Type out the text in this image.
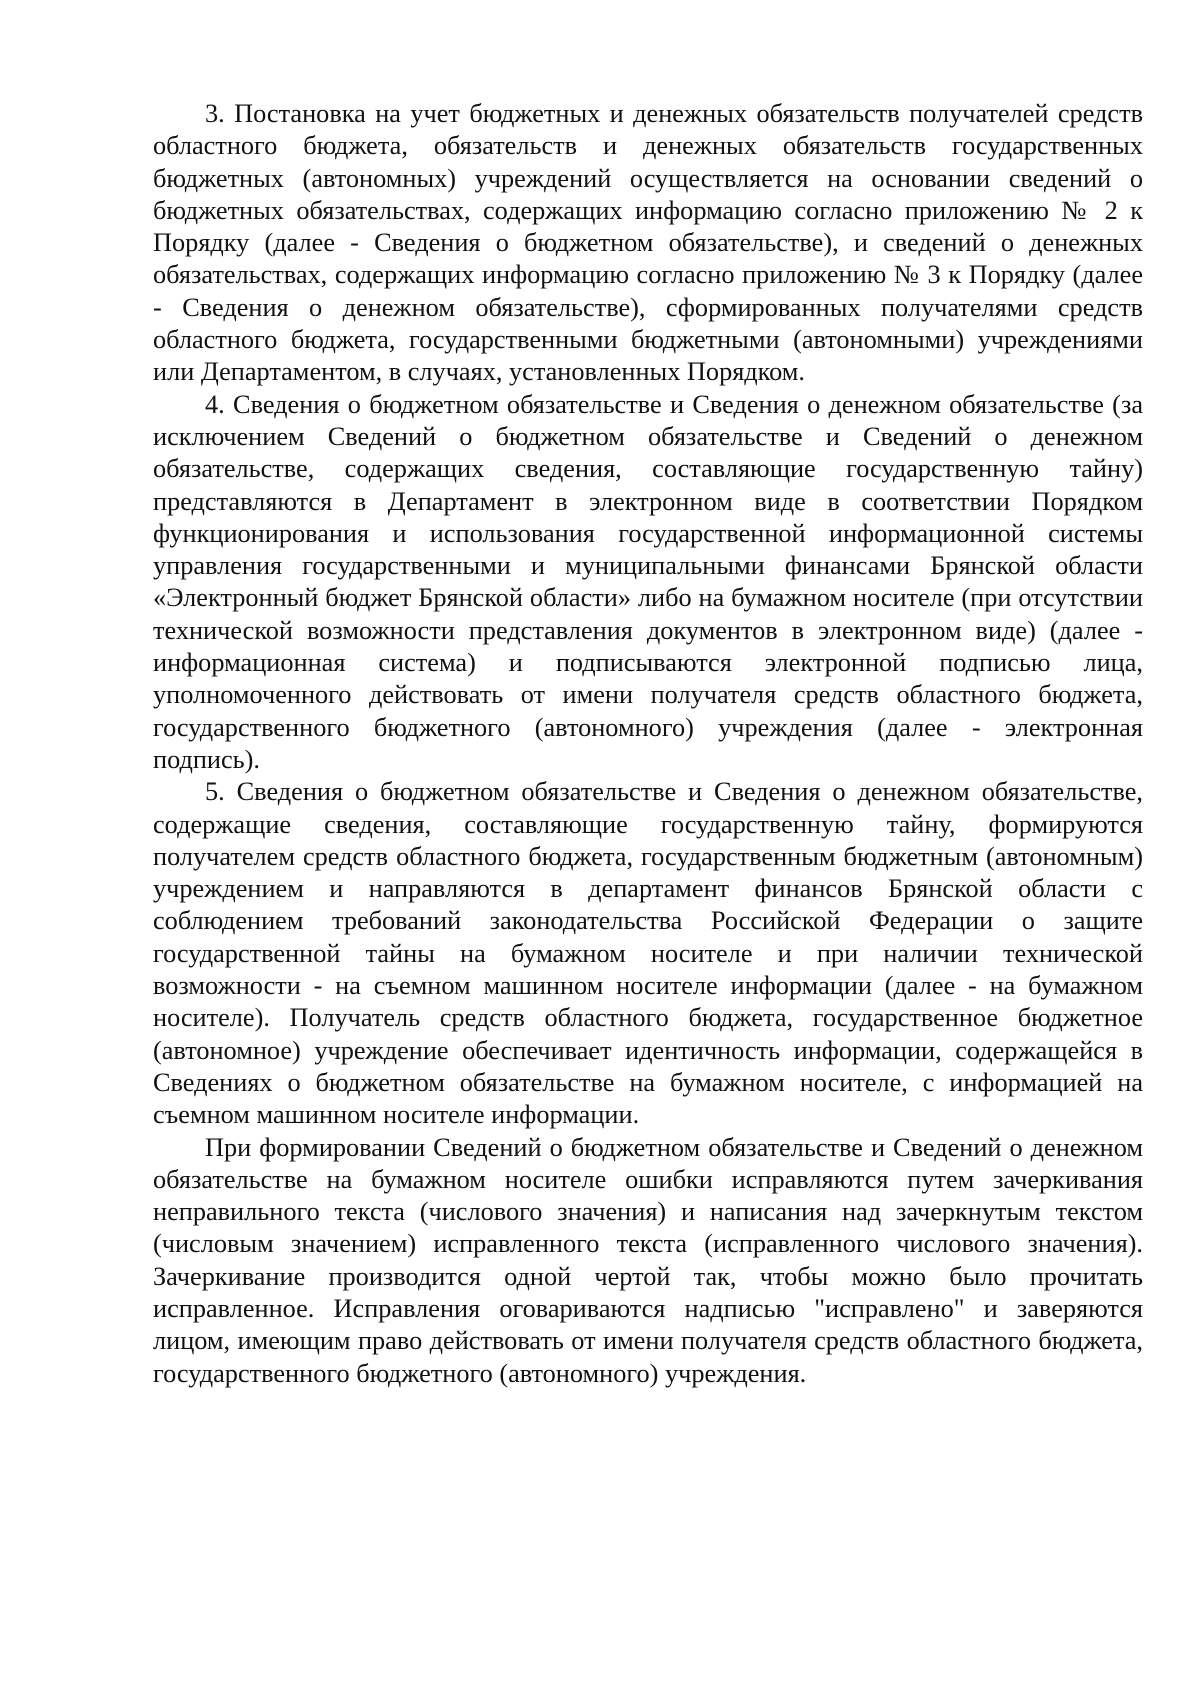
3. Постановка на учет бюджетных и денежных обязательств получателей средств областного бюджета, обязательств и денежных обязательств государственных бюджетных (автономных) учреждений осуществляется на основании сведений о бюджетных обязательствах, содержащих информацию согласно приложению № 2 к Порядку (далее - Сведения о бюджетном обязательстве), и сведений о денежных обязательствах, содержащих информацию согласно приложению № 3 к Порядку (далее - Сведения о денежном обязательстве), сформированных получателями средств областного бюджета, государственными бюджетными (автономными) учреждениями или Департаментом, в случаях, установленных Порядком.

4. Сведения о бюджетном обязательстве и Сведения о денежном обязательстве (за исключением Сведений о бюджетном обязательстве и Сведений о денежном обязательстве, содержащих сведения, составляющие государственную тайну) представляются в Департамент в электронном виде в соответствии Порядком функционирования и использования государственной информационной системы управления государственными и муниципальными финансами Брянской области «Электронный бюджет Брянской области» либо на бумажном носителе (при отсутствии технической возможности представления документов в электронном виде) (далее - информационная система) и подписываются электронной подписью лица, уполномоченного действовать от имени получателя средств областного бюджета, государственного бюджетного (автономного) учреждения (далее - электронная подпись).

5. Сведения о бюджетном обязательстве и Сведения о денежном обязательстве, содержащие сведения, составляющие государственную тайну, формируются получателем средств областного бюджета, государственным бюджетным (автономным) учреждением и направляются в департамент финансов Брянской области с соблюдением требований законодательства Российской Федерации о защите государственной тайны на бумажном носителе и при наличии технической возможности - на съемном машинном носителе информации (далее - на бумажном носителе). Получатель средств областного бюджета, государственное бюджетное (автономное) учреждение обеспечивает идентичность информации, содержащейся в Сведениях о бюджетном обязательстве на бумажном носителе, с информацией на съемном машинном носителе информации.

При формировании Сведений о бюджетном обязательстве и Сведений о денежном обязательстве на бумажном носителе ошибки исправляются путем зачеркивания неправильного текста (числового значения) и написания над зачеркнутым текстом (числовым значением) исправленного текста (исправленного числового значения). Зачеркивание производится одной чертой так, чтобы можно было прочитать исправленное. Исправления оговариваются надписью "исправлено" и заверяются лицом, имеющим право действовать от имени получателя средств областного бюджета, государственного бюджетного (автономного) учреждения.
